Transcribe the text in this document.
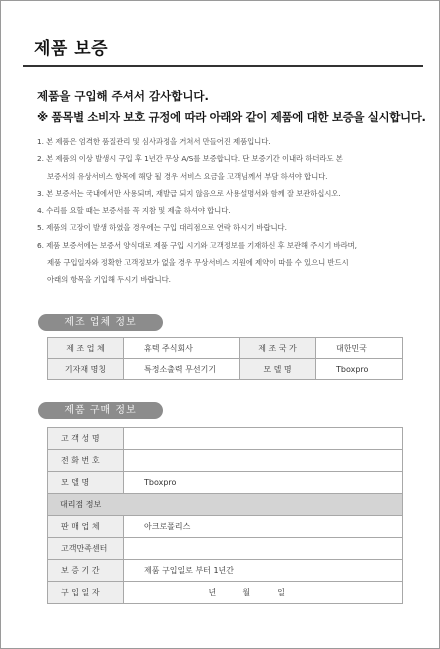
제품 보증
제품을 구입해 주셔서 감사합니다.
※ 품목별 소비자 보호 규정에 따라 아래와 같이 제품에 대한 보증을 실시합니다.
1. 본 제품은 엄격한 품질관리 및 심사과정을 거쳐서 만들어진 제품입니다.
2. 본 제품의 이상 발생시 구입 후 1년간 무상 A/S를 보증합니다. 단 보증기간 이내라 하더라도 본
보증서의 유상서비스 항목에 해당 될 경우 서비스 요금을 고객님께서 부담 하셔야 합니다.
3. 본 보증서는 국내에서만 사용되며, 재발급 되지 않음으로 사용설명서와 함께 잘 보관하십시오.
4. 수리를 요할 때는 보증서를 꼭 지참 및 제출 하셔야 합니다.
5. 제품의 고장이 발생 하였을 경우에는 구입 대리점으로 연락 하시기 바랍니다.
6. 제품 보증서에는 보증서 양식대로 제품 구입 시기와 고객정보를 기재하신 후 보관해 주시기 바라며,
제품 구입일자와 정확한 고객정보가 없을 경우 무상서비스 지원에 제약이 따를 수 있으니 반드시
아래의 항목을 기입해 두시기 바랍니다.
제조 업체 정보
제 조 업 체	휴텍 주식회사	제 조 국 가	대한민국
기자재 명칭	특정소출력 무선기기	모 델 명	Tboxpro
제품 구매 정보
고 객 성 명	
전 화 번 호	
모 델 명	Tboxpro
대리점 정보	
판 매 업 체	아크로폴리스
고객만족센터	
보 증 기 간	제품 구입일로 부터 1년간
구 입 일 자	년 월 일
